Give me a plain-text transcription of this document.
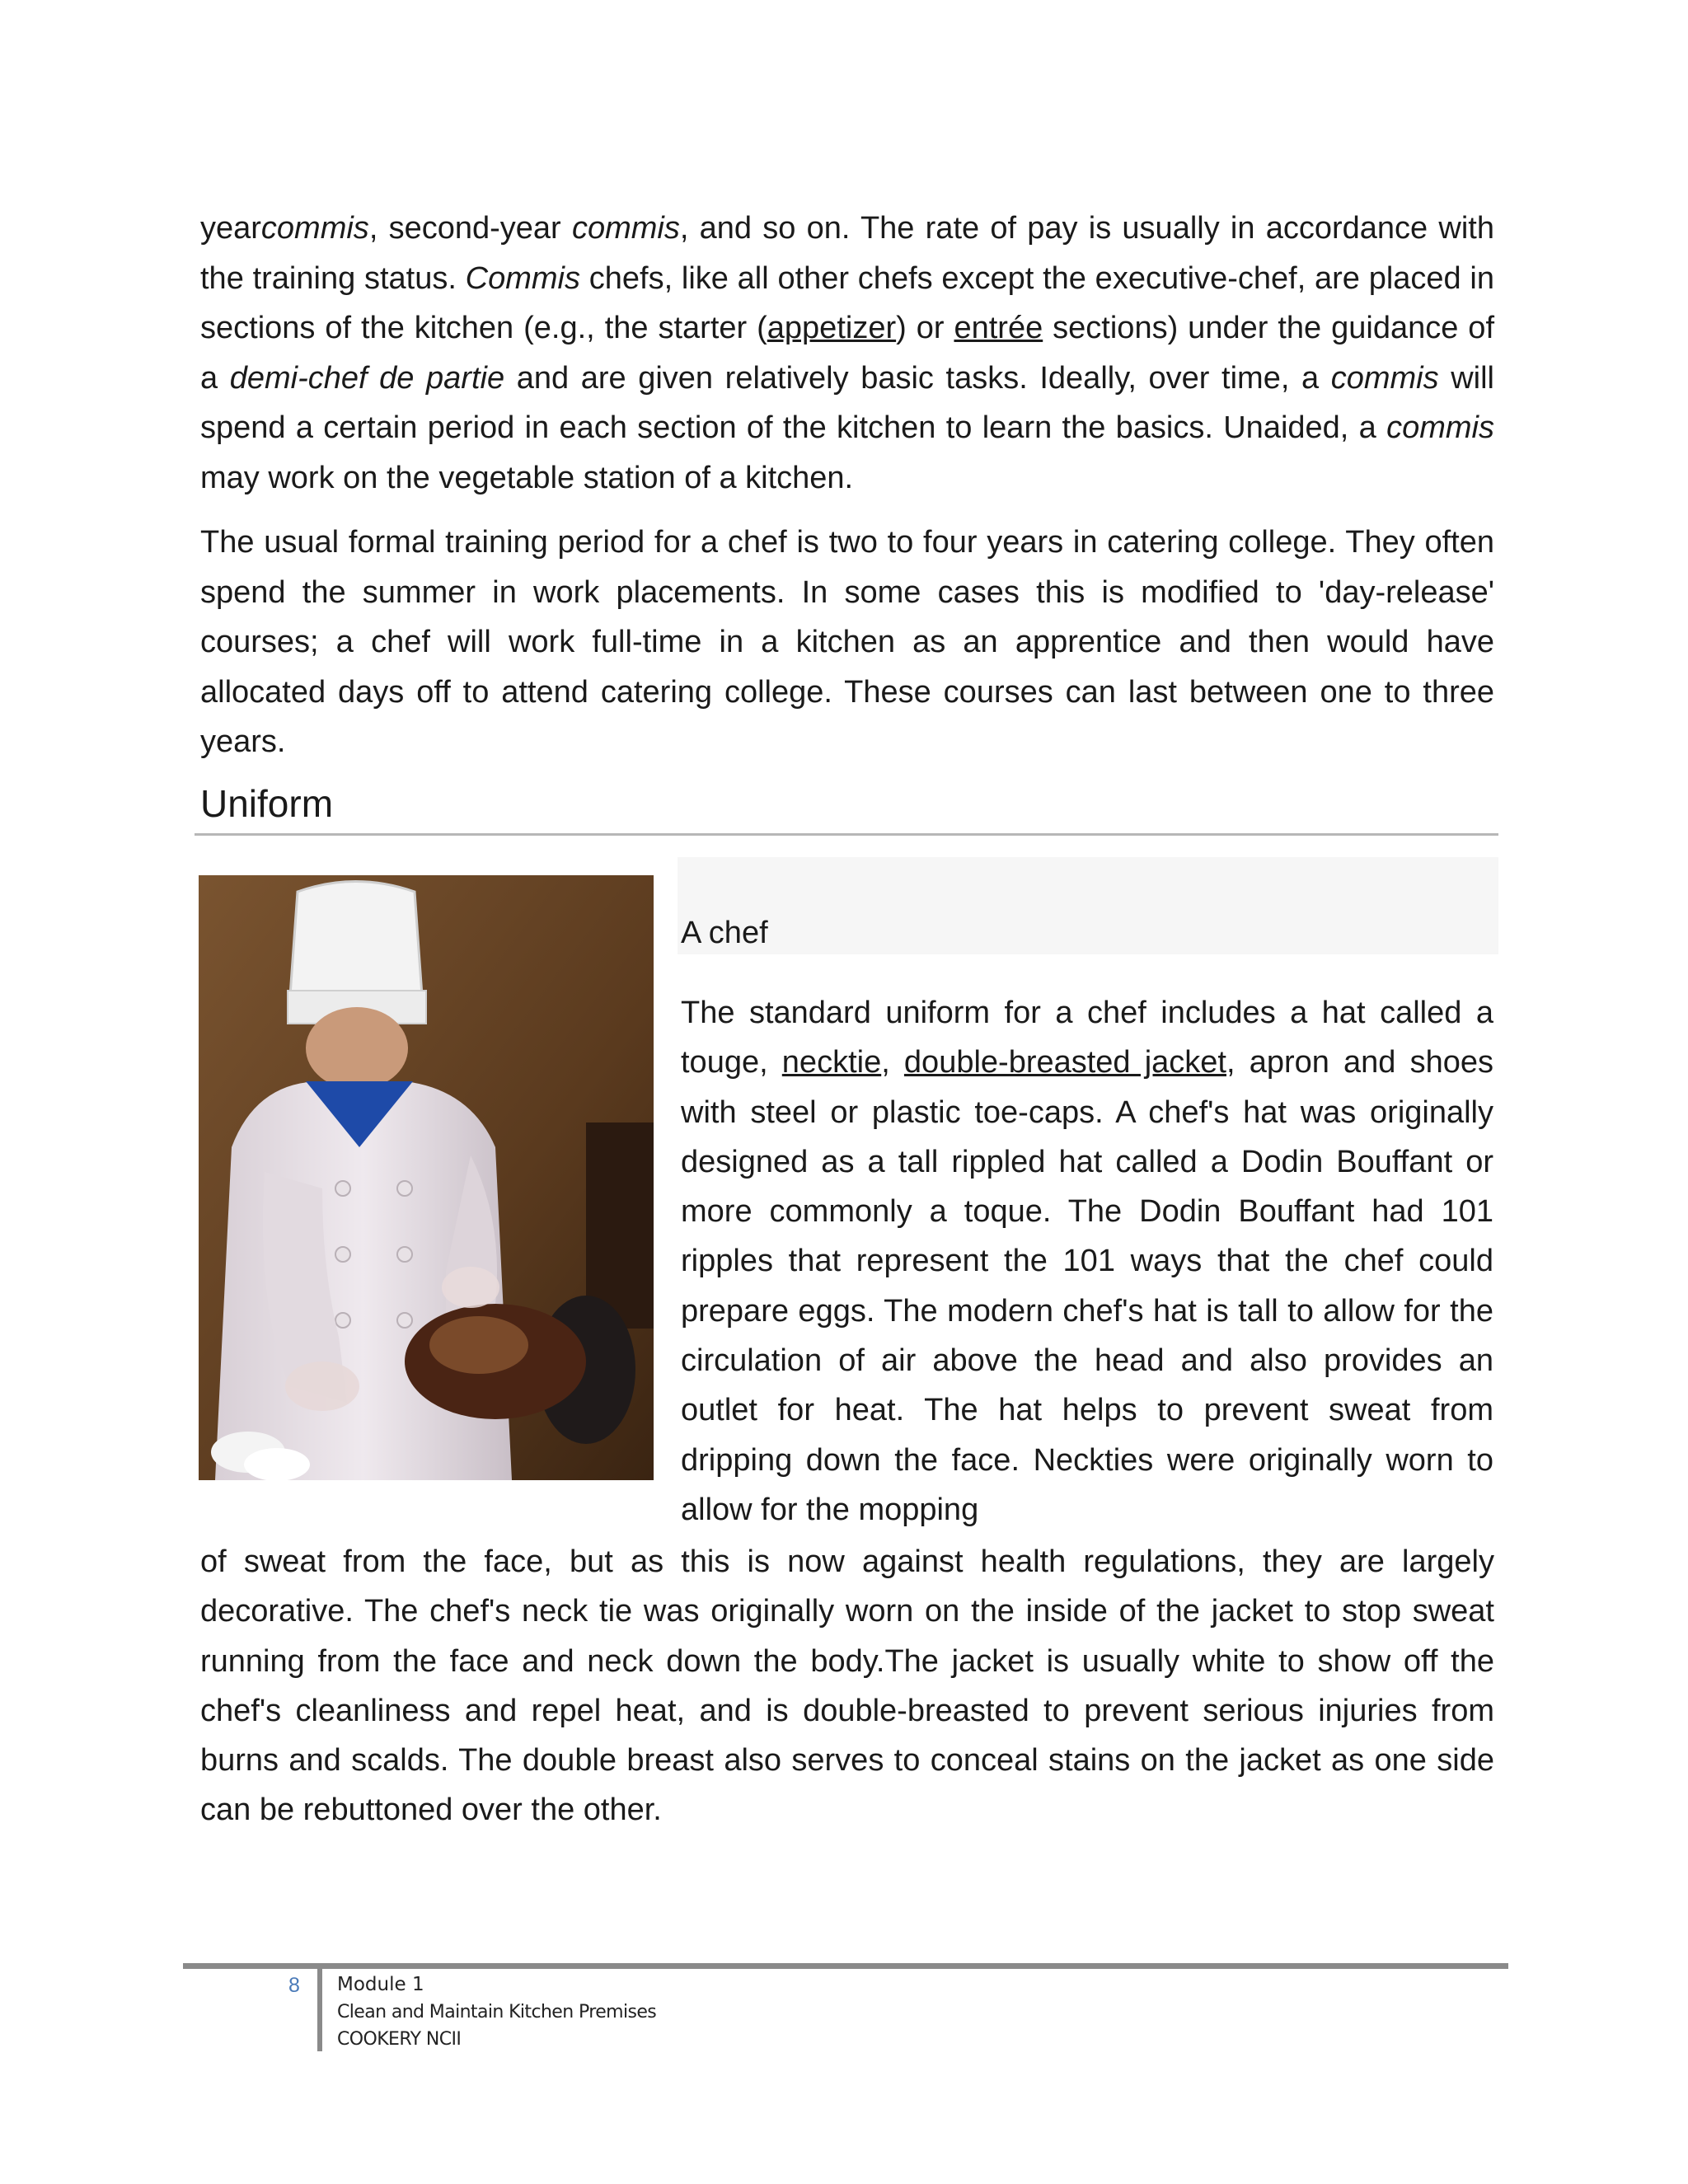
yearcommis, second-year commis, and so on. The rate of pay is usually in accordance with the training status. Commis chefs, like all other chefs except the executive-chef, are placed in sections of the kitchen (e.g., the starter (appetizer) or entrée sections) under the guidance of a demi-chef de partie and are given relatively basic tasks. Ideally, over time, a commis will spend a certain period in each section of the kitchen to learn the basics. Unaided, a commis may work on the vegetable station of a kitchen.

The usual formal training period for a chef is two to four years in catering college. They often spend the summer in work placements. In some cases this is modified to 'day-release' courses; a chef will work full-time in a kitchen as an apprentice and then would have allocated days off to attend catering college. These courses can last between one to three years.

Uniform
A chef
The standard uniform for a chef includes a hat called a touge, necktie, double-breasted jacket, apron and shoes with steel or plastic toe-caps. A chef's hat was originally designed as a tall rippled hat called a Dodin Bouffant or more commonly a toque. The Dodin Bouffant had 101 ripples that represent the 101 ways that the chef could prepare eggs. The modern chef's hat is tall to allow for the circulation of air above the head and also provides an outlet for heat. The hat helps to prevent sweat from dripping down the face. Neckties were originally worn to allow for the mopping

of sweat from the face, but as this is now against health regulations, they are largely decorative. The chef's neck tie was originally worn on the inside of the jacket to stop sweat running from the face and neck down the body.The jacket is usually white to show off the chef's cleanliness and repel heat, and is double-breasted to prevent serious injuries from burns and scalds. The double breast also serves to conceal stains on the jacket as one side can be rebuttoned over the other.

8 Module 1
Clean and Maintain Kitchen Premises
COOKERY NCII
